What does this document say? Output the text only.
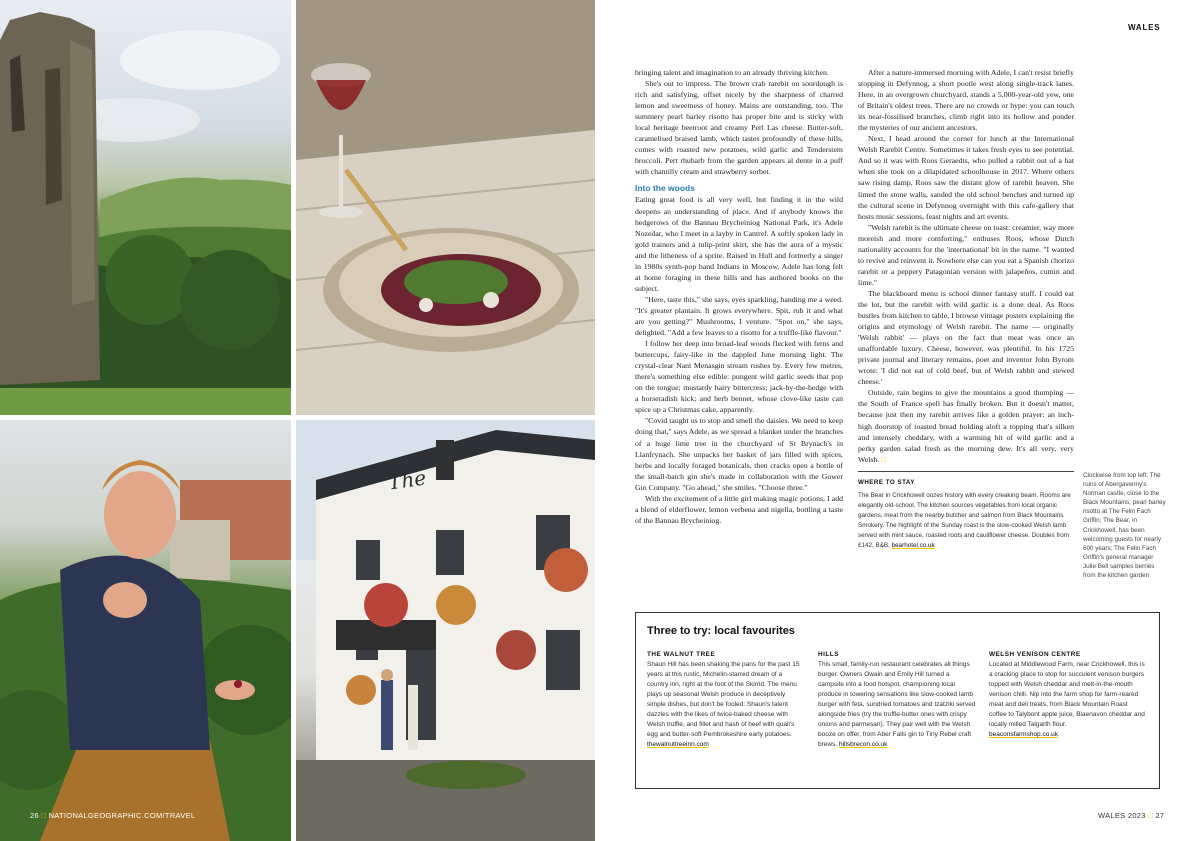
The
26 □ NATIONALGEOGRAPHIC.COM/TRAVEL
WALES

bringing talent and imagination to an already thriving kitchen.

She's out to impress. The brown crab rarebit on sourdough is rich and satisfying, offset nicely by the sharpness of charred lemon and sweetness of honey. Mains are outstanding, too. The summery pearl barley risotto has proper bite and is sticky with local heritage beetroot and creamy Perl Las cheese. Butter-soft, caramelised braised lamb, which tastes profoundly of these hills, comes with roasted new potatoes, wild garlic and Tenderstem broccoli. Pert rhubarb from the garden appears al dente in a puff with chantilly cream and strawberry sorbet.

Into the woods

Eating great food is all very well, but finding it in the wild deepens an understanding of place. And if anybody knows the hedgerows of the Bannau Brycheiniog National Park, it's Adele Nozedar, who I meet in a layby in Cantref. A softly spoken lady in gold trainers and a tulip-print skirt, she has the aura of a mystic and the litheness of a sprite. Raised in Hull and formerly a singer in 1980s synth-pop band Indians in Moscow, Adele has long felt at home foraging in these hills and has authored books on the subject.

"Here, taste this," she says, eyes sparkling, handing me a weed. "It's greater plantain. It grows everywhere. Spit, rub it and what are you getting?" Mushrooms, I venture. "Spot on," she says, delighted. "Add a few leaves to a risotto for a truffle-like flavour."

I follow her deep into broad-leaf woods flecked with ferns and buttercups, fairy-like in the dappled June morning light. The crystal-clear Nant Menasgin stream rushes by. Every few metres, there's something else edible: pungent wild garlic seeds that pop on the tongue; mustardy hairy bittercress; jack-by-the-hedge with a horseradish kick; and herb bennet, whose clove-like taste can spice up a Christmas cake, apparently.

"Covid taught us to stop and smell the daisies. We need to keep doing that," says Adele, as we spread a blanket under the branches of a huge lime tree in the churchyard of St Brynach's in Llanfrynach. She unpacks her basket of jars filled with spices, herbs and locally foraged botanicals, then cracks open a bottle of the small-batch gin she's made in collaboration with the Gower Gin Company. "Go ahead," she smiles. "Choose three."

With the excitement of a little girl making magic potions, I add a blend of elderflower, lemon verbena and nigella, bottling a taste of the Bannau Brycheiniog.

After a nature-immersed morning with Adele, I can't resist briefly stopping in Defynnog, a short pootle west along single-track lanes. Here, in an overgrown churchyard, stands a 5,000-year-old yew, one of Britain's oldest trees. There are no crowds or hype: you can touch its near-fossilised branches, climb right into its hollow and ponder the mysteries of our ancient ancestors.

Next, I head around the corner for lunch at the International Welsh Rarebit Centre. Sometimes it takes fresh eyes to see potential. And so it was with Roos Geraedts, who pulled a rabbit out of a hat when she took on a dilapidated schoolhouse in 2017. Where others saw rising damp, Roos saw the distant glow of rarebit heaven. She limed the stone walls, sanded the old school benches and turned up the cultural scene in Defynnog overnight with this cafe-gallery that hosts music sessions, feast nights and art events.

"Welsh rarebit is the ultimate cheese on toast: creamier, way more moreish and more comforting," enthuses Roos, whose Dutch nationality accounts for the 'international' bit in the name. "I wanted to revive and reinvent it. Nowhere else can you eat a Spanish chorizo rarebit or a peppery Patagonian version with jalapeños, cumin and lime."

The blackboard menu is school dinner fantasy stuff. I could eat the lot, but the rarebit with wild garlic is a done deal. As Roos bustles from kitchen to table, I browse vintage posters explaining the origins and etymology of Welsh rarebit. The name — originally 'Welsh rabbit' — plays on the fact that meat was once an unaffordable luxury. Cheese, however, was plentiful. In his 1725 private journal and literary remains, poet and inventor John Byrom wrote: 'I did not eat of cold beef, but of Welsh rabbit and stewed cheese.'

Outside, rain begins to give the mountains a good thumping — the South of France spell has finally broken. But it doesn't matter, because just then my rarebit arrives like a golden prayer: an inch-high doorstop of toasted bread holding aloft a topping that's silken and intensely cheddary, with a warming hit of wild garlic and a perky garden salad fresh as the morning dew. It's all very, very Welsh. □

WHERE TO STAY

The Bear in Crickhowell oozes history with every creaking beam. Rooms are elegantly old-school. The kitchen sources vegetables from local organic gardens, meat from the nearby butcher and salmon from Black Mountains Smokery. The highlight of the Sunday roast is the slow-cooked Welsh lamb served with mint sauce, roasted roots and cauliflower cheese. Doubles from £142, B&B. bearhotel.co.uk

Clockwise from top left: The ruins of Abergavenny's Norman castle, close to the Black Mountains; pearl barley risotto at The Felin Fach Griffin; The Bear, in Crickhowell, has been welcoming guests for nearly 600 years; The Felin Fach Griffin's general manager Julie Bell samples berries from the kitchen garden
Three to try: local favourites
THE WALNUT TREE

Shaun Hill has been shaking the pans for the past 15 years at this rustic, Michelin-starred dream of a country inn, right at the foot of the Skirrid. The menu plays up seasonal Welsh produce in deceptively simple dishes, but don't be fooled: Shaun's talent dazzles with the likes of twice-baked cheese with Welsh truffle, and fillet and hash of beef with quail's egg and butter-soft Pembrokeshire early potatoes.
thewalnuttreeinn.com

HILLS

This small, family-run restaurant celebrates all things burger. Owners Owain and Emily Hill turned a campsite into a food hotspot, championing local produce in towering sensations like slow-cooked lamb burger with feta, sundried tomatoes and tzatziki served alongside fries (try the truffle-butter ones with crispy onions and parmesan). They pair well with the Welsh booze on offer, from Aber Falls gin to Tiny Rebel craft brews. hillsbrecon.co.uk

WELSH VENISON CENTRE

Located at Middlewood Farm, near Crickhowell, this is a cracking place to stop for succulent venison burgers topped with Welsh cheddar and melt-in-the-mouth venison chilli. Nip into the farm shop for farm-reared meat and deli treats, from Black Mountain Roast coffee to Talybont apple juice, Blaenavon cheddar and locally milled Talgarth flour.
beaconsfarmshop.co.uk

WALES 2023 □ 27
